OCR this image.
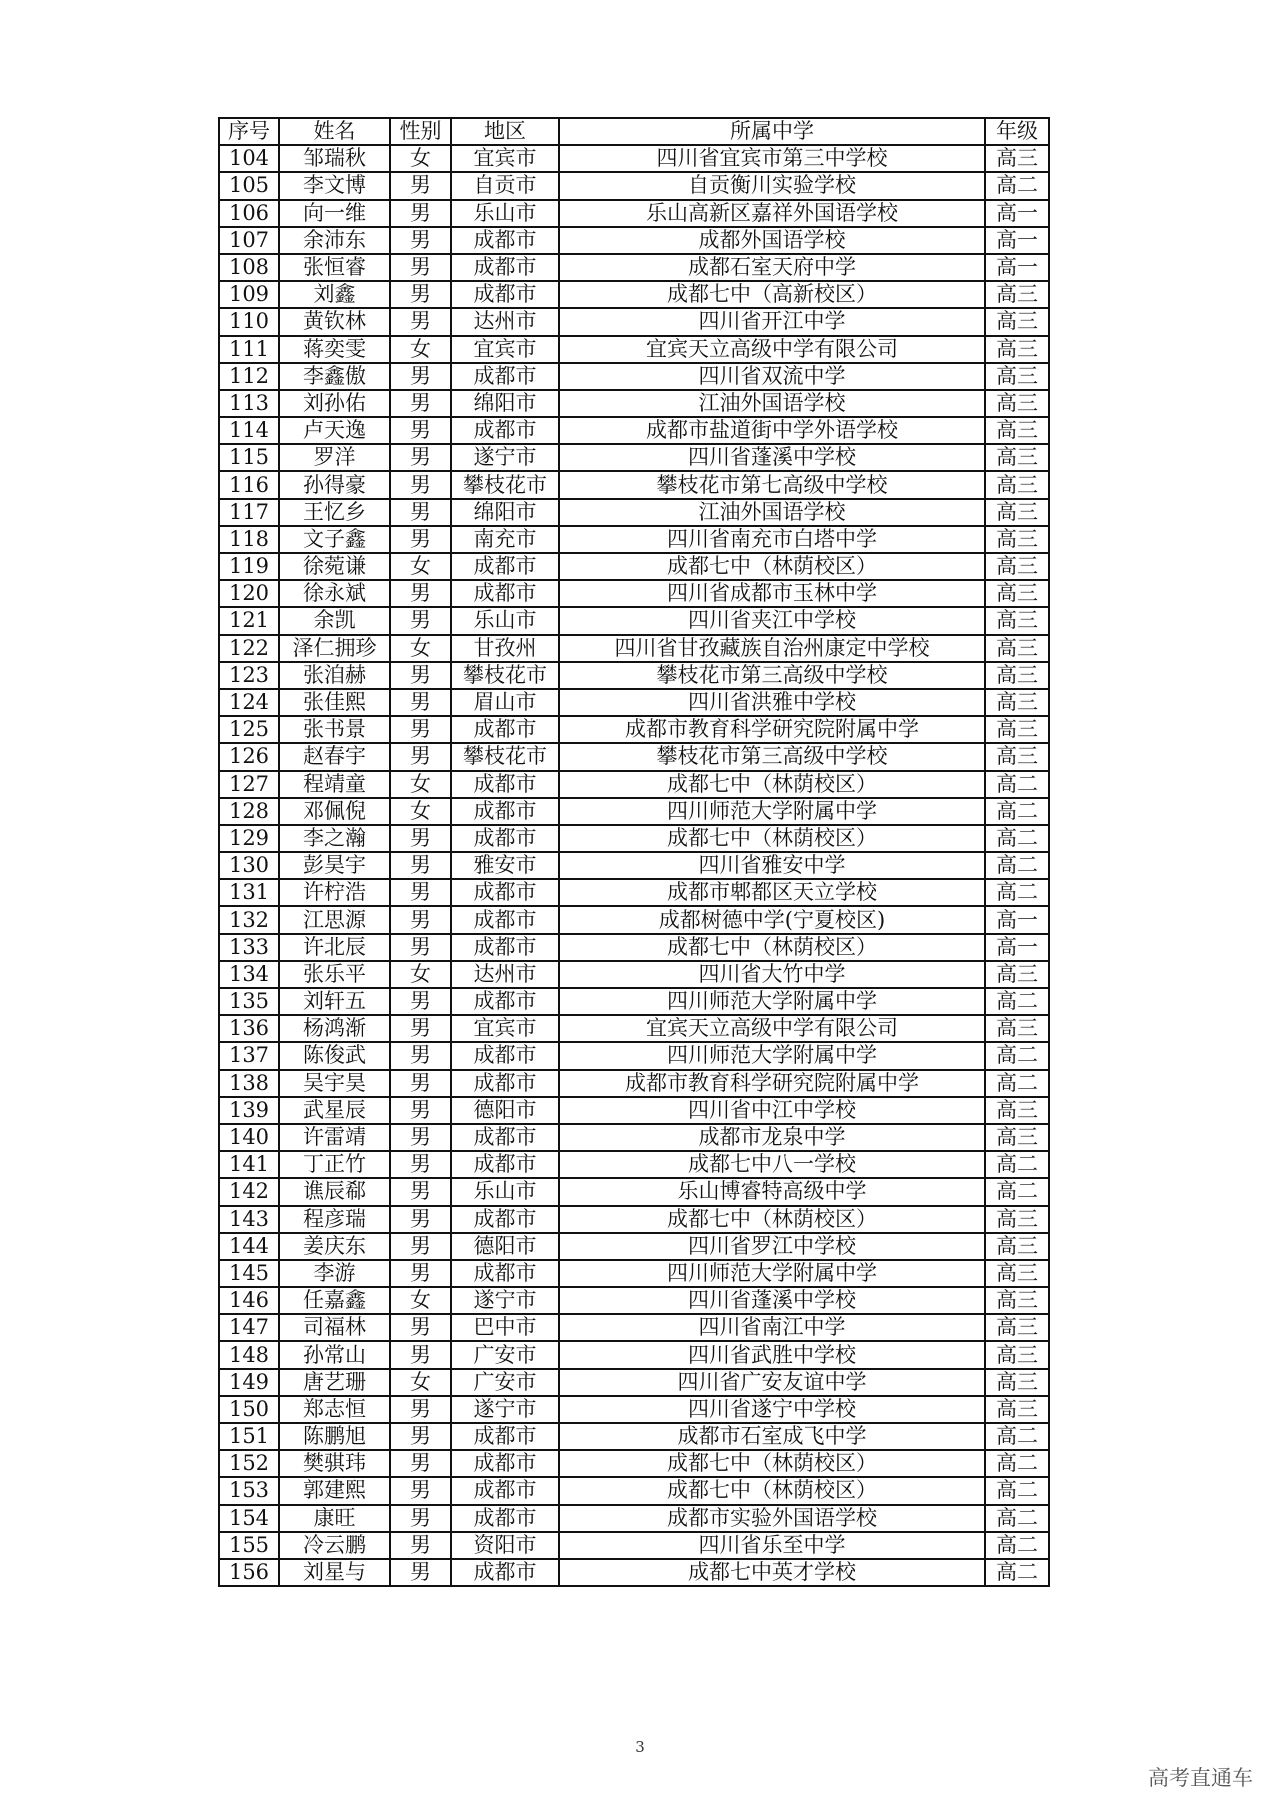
序号	姓名	性别	地区	所属中学	年级
104	邹瑞秋	女	宜宾市	四川省宜宾市第三中学校	高三
105	李文博	男	自贡市	自贡衡川实验学校	高二
106	向一维	男	乐山市	乐山高新区嘉祥外国语学校	高一
107	余沛东	男	成都市	成都外国语学校	高一
108	张恒睿	男	成都市	成都石室天府中学	高一
109	刘鑫	男	成都市	成都七中（高新校区）	高三
110	黄钦林	男	达州市	四川省开江中学	高三
111	蒋奕雯	女	宜宾市	宜宾天立高级中学有限公司	高三
112	李鑫傲	男	成都市	四川省双流中学	高三
113	刘孙佑	男	绵阳市	江油外国语学校	高三
114	卢天逸	男	成都市	成都市盐道街中学外语学校	高三
115	罗洋	男	遂宁市	四川省蓬溪中学校	高三
116	孙得豪	男	攀枝花市	攀枝花市第七高级中学校	高三
117	王忆乡	男	绵阳市	江油外国语学校	高三
118	文子鑫	男	南充市	四川省南充市白塔中学	高三
119	徐菀谦	女	成都市	成都七中（林荫校区）	高三
120	徐永斌	男	成都市	四川省成都市玉林中学	高三
121	余凯	男	乐山市	四川省夹江中学校	高三
122	泽仁拥珍	女	甘孜州	四川省甘孜藏族自治州康定中学校	高三
123	张洎赫	男	攀枝花市	攀枝花市第三高级中学校	高三
124	张佳熙	男	眉山市	四川省洪雅中学校	高三
125	张书景	男	成都市	成都市教育科学研究院附属中学	高三
126	赵春宇	男	攀枝花市	攀枝花市第三高级中学校	高三
127	程靖童	女	成都市	成都七中（林荫校区）	高二
128	邓佩倪	女	成都市	四川师范大学附属中学	高二
129	李之瀚	男	成都市	成都七中（林荫校区）	高二
130	彭昊宇	男	雅安市	四川省雅安中学	高二
131	许柠浩	男	成都市	成都市郫都区天立学校	高二
132	江思源	男	成都市	成都树德中学(宁夏校区)	高一
133	许北辰	男	成都市	成都七中（林荫校区）	高一
134	张乐平	女	达州市	四川省大竹中学	高三
135	刘轩五	男	成都市	四川师范大学附属中学	高二
136	杨鸿渐	男	宜宾市	宜宾天立高级中学有限公司	高三
137	陈俊武	男	成都市	四川师范大学附属中学	高二
138	吴宇昊	男	成都市	成都市教育科学研究院附属中学	高二
139	武星辰	男	德阳市	四川省中江中学校	高三
140	许雷靖	男	成都市	成都市龙泉中学	高三
141	丁正竹	男	成都市	成都七中八一学校	高二
142	谯辰郗	男	乐山市	乐山博睿特高级中学	高二
143	程彦瑞	男	成都市	成都七中（林荫校区）	高三
144	姜庆东	男	德阳市	四川省罗江中学校	高三
145	李游	男	成都市	四川师范大学附属中学	高三
146	任嘉鑫	女	遂宁市	四川省蓬溪中学校	高三
147	司福林	男	巴中市	四川省南江中学	高三
148	孙常山	男	广安市	四川省武胜中学校	高三
149	唐艺珊	女	广安市	四川省广安友谊中学	高三
150	郑志恒	男	遂宁市	四川省遂宁中学校	高三
151	陈鹏旭	男	成都市	成都市石室成飞中学	高二
152	樊骐玮	男	成都市	成都七中（林荫校区）	高二
153	郭建熙	男	成都市	成都七中（林荫校区）	高二
154	康旺	男	成都市	成都市实验外国语学校	高二
155	冷云鹏	男	资阳市	四川省乐至中学	高二
156	刘星与	男	成都市	成都七中英才学校	高二
3
高考直通车
